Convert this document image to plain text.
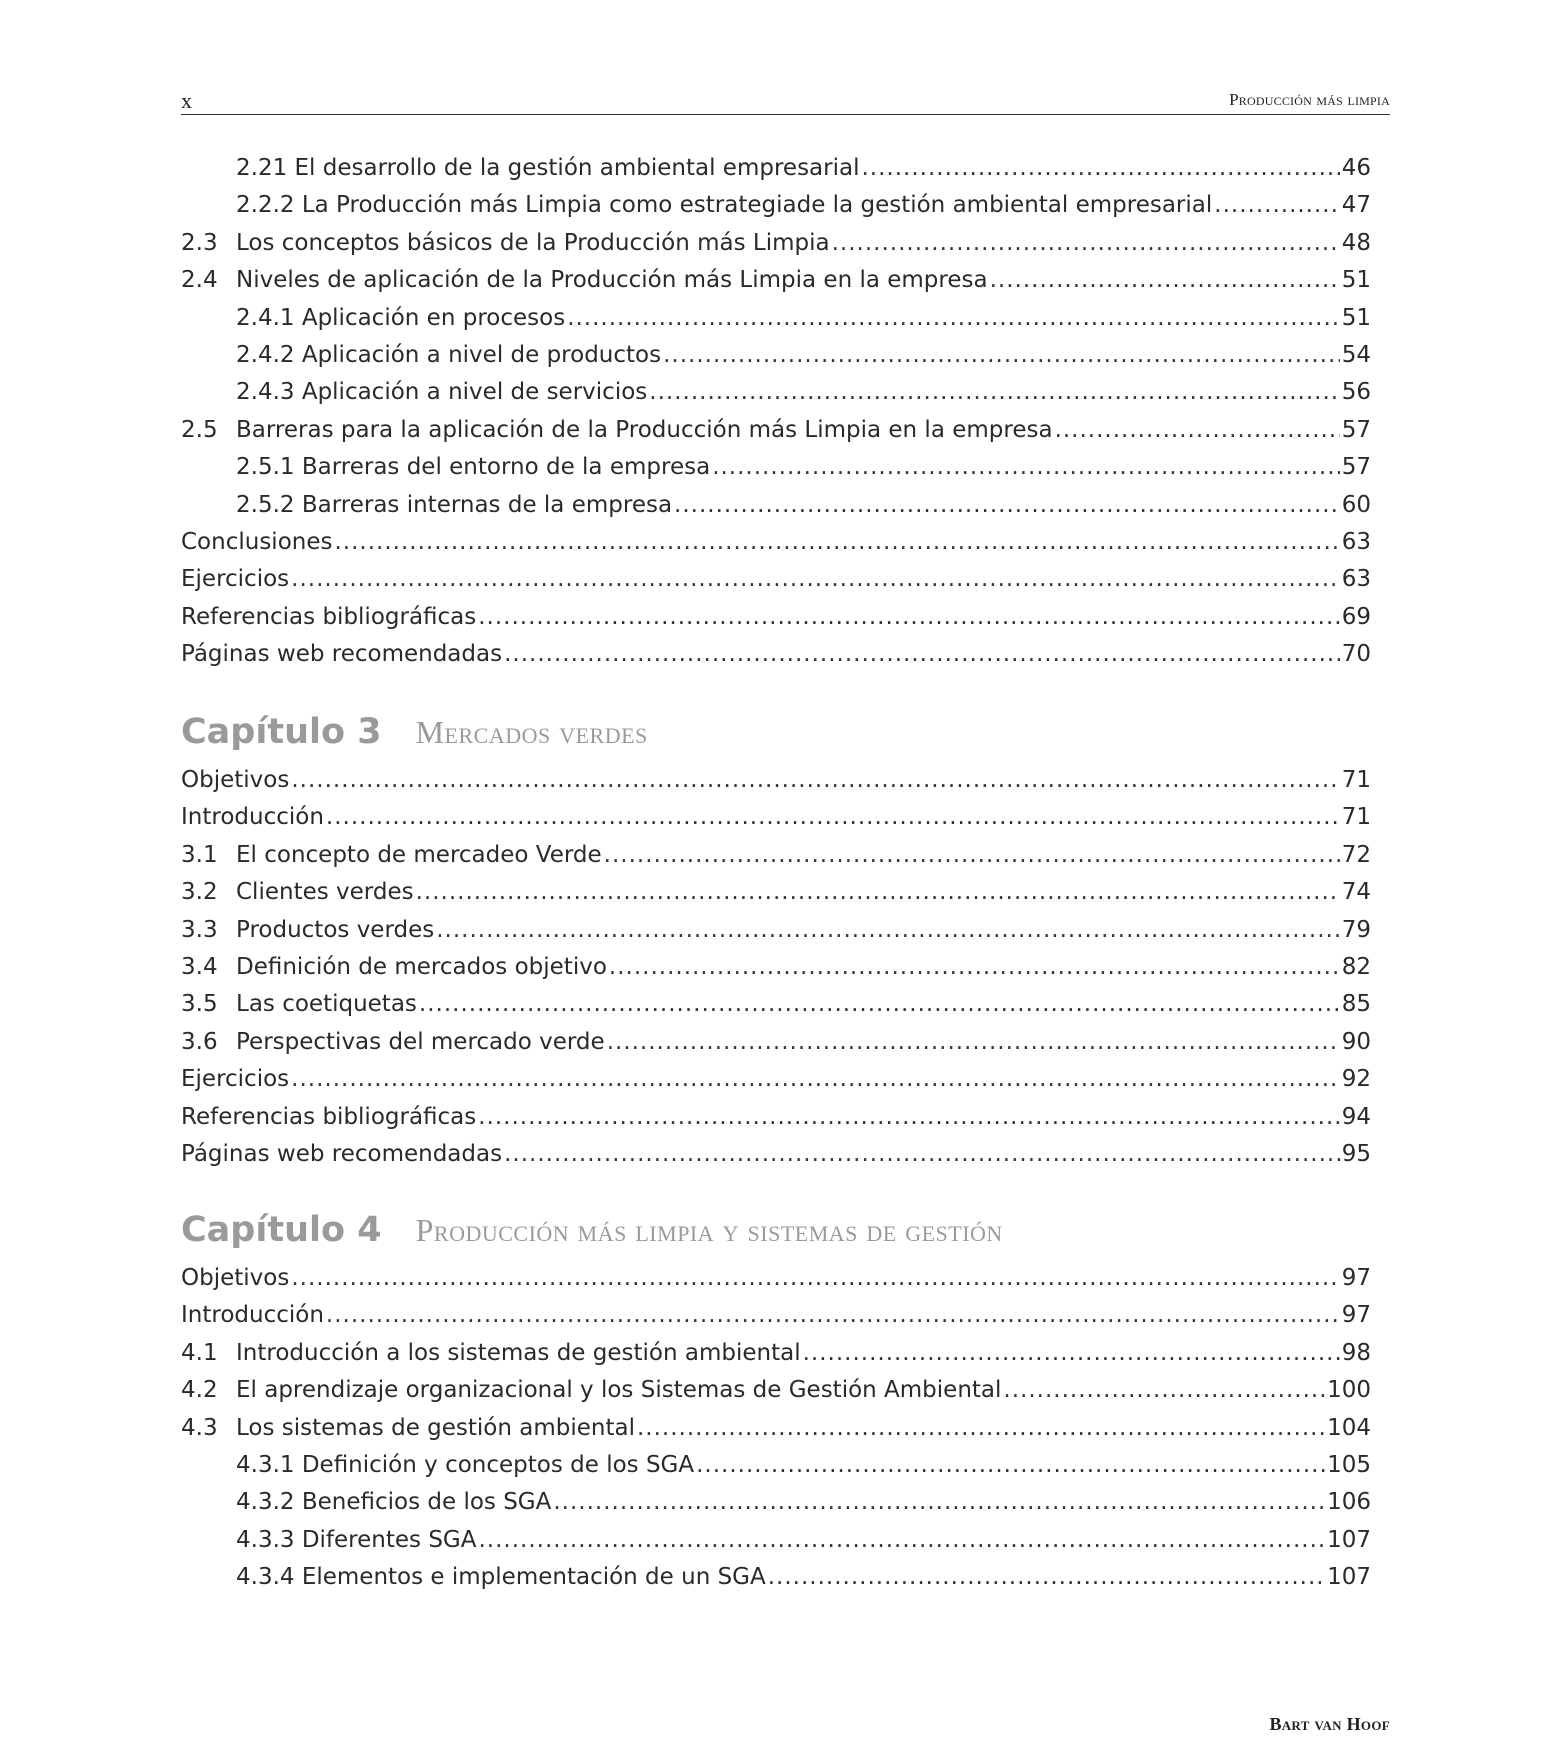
x	Producción más limpia
2.21 El desarrollo de la gestión ambiental empresarial .....	46
2.2.2 La Producción más Limpia como estrategiade la gestión ambiental empresarial .....	47
2.3 Los conceptos básicos de la Producción más Limpia .....	48
2.4 Niveles de aplicación de la Producción más Limpia en la empresa .....	51
2.4.1 Aplicación en procesos .....	51
2.4.2 Aplicación a nivel de productos .....	54
2.4.3 Aplicación a nivel de servicios .....	56
2.5 Barreras para la aplicación de la Producción más Limpia en la empresa .....	57
2.5.1 Barreras del entorno de la empresa .....	57
2.5.2 Barreras internas de la empresa .....	60
Conclusiones .....	63
Ejercicios .....	63
Referencias bibliográficas .....	69
Páginas web recomendadas .....	70
Capítulo 3 Mercados verdes
Objetivos .....	71
Introducción .....	71
3.1 El concepto de mercadeo Verde .....	72
3.2 Clientes verdes .....	74
3.3 Productos verdes .....	79
3.4 Definición de mercados objetivo .....	82
3.5 Las coetiquetas .....	85
3.6 Perspectivas del mercado verde .....	90
Ejercicios .....	92
Referencias bibliográficas .....	94
Páginas web recomendadas .....	95
Capítulo 4 Producción más limpia y sistemas de gestión
Objetivos .....	97
Introducción .....	97
4.1 Introducción a los sistemas de gestión ambiental .....	98
4.2 El aprendizaje organizacional y los Sistemas de Gestión Ambiental .....	100
4.3 Los sistemas de gestión ambiental .....	104
4.3.1 Definición y conceptos de los SGA .....	105
4.3.2 Beneficios de los SGA .....	106
4.3.3 Diferentes SGA .....	107
4.3.4 Elementos e implementación de un SGA .....	107
Bart van Hoof
